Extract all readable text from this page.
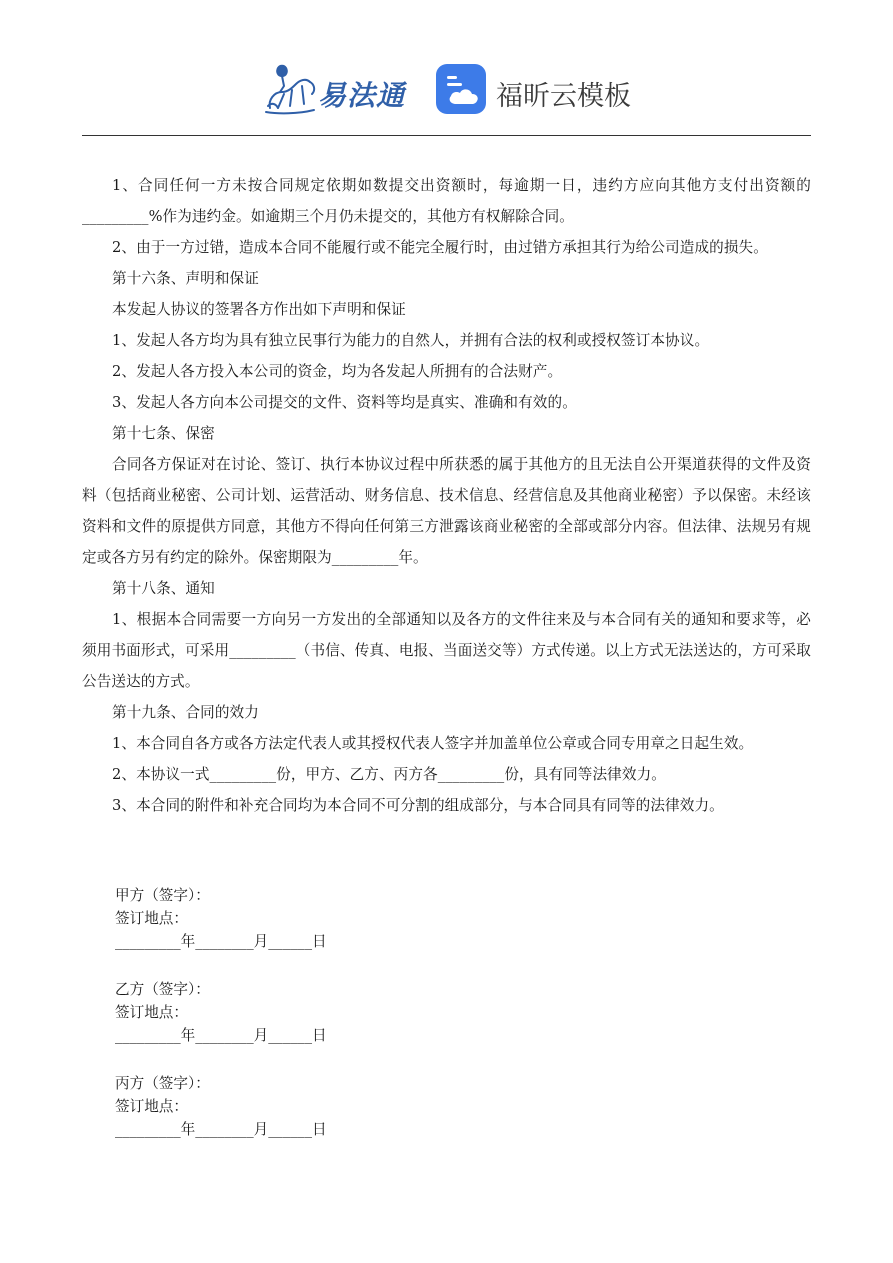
易法通	福昕云模板

1、合同任何一方未按合同规定依期如数提交出资额时，每逾期一日，违约方应向其他方支付出资额的_________%作为违约金。如逾期三个月仍未提交的，其他方有权解除合同。

2、由于一方过错，造成本合同不能履行或不能完全履行时，由过错方承担其行为给公司造成的损失。

第十六条、声明和保证

本发起人协议的签署各方作出如下声明和保证

1、发起人各方均为具有独立民事行为能力的自然人，并拥有合法的权利或授权签订本协议。

2、发起人各方投入本公司的资金，均为各发起人所拥有的合法财产。

3、发起人各方向本公司提交的文件、资料等均是真实、准确和有效的。

第十七条、保密

合同各方保证对在讨论、签订、执行本协议过程中所获悉的属于其他方的且无法自公开渠道获得的文件及资料（包括商业秘密、公司计划、运营活动、财务信息、技术信息、经营信息及其他商业秘密）予以保密。未经该资料和文件的原提供方同意，其他方不得向任何第三方泄露该商业秘密的全部或部分内容。但法律、法规另有规定或各方另有约定的除外。保密期限为_________年。

第十八条、通知

1、根据本合同需要一方向另一方发出的全部通知以及各方的文件往来及与本合同有关的通知和要求等，必须用书面形式，可采用_________（书信、传真、电报、当面送交等）方式传递。以上方式无法送达的，方可采取公告送达的方式。

第十九条、合同的效力

1、本合同自各方或各方法定代表人或其授权代表人签字并加盖单位公章或合同专用章之日起生效。

2、本协议一式_________份，甲方、乙方、丙方各_________份，具有同等法律效力。

3、本合同的附件和补充合同均为本合同不可分割的组成部分，与本合同具有同等的法律效力。

甲方（签字）：

签订地点：

_________年________月______日

乙方（签字）：

签订地点：

_________年________月______日

丙方（签字）：

签订地点：

_________年________月______日
